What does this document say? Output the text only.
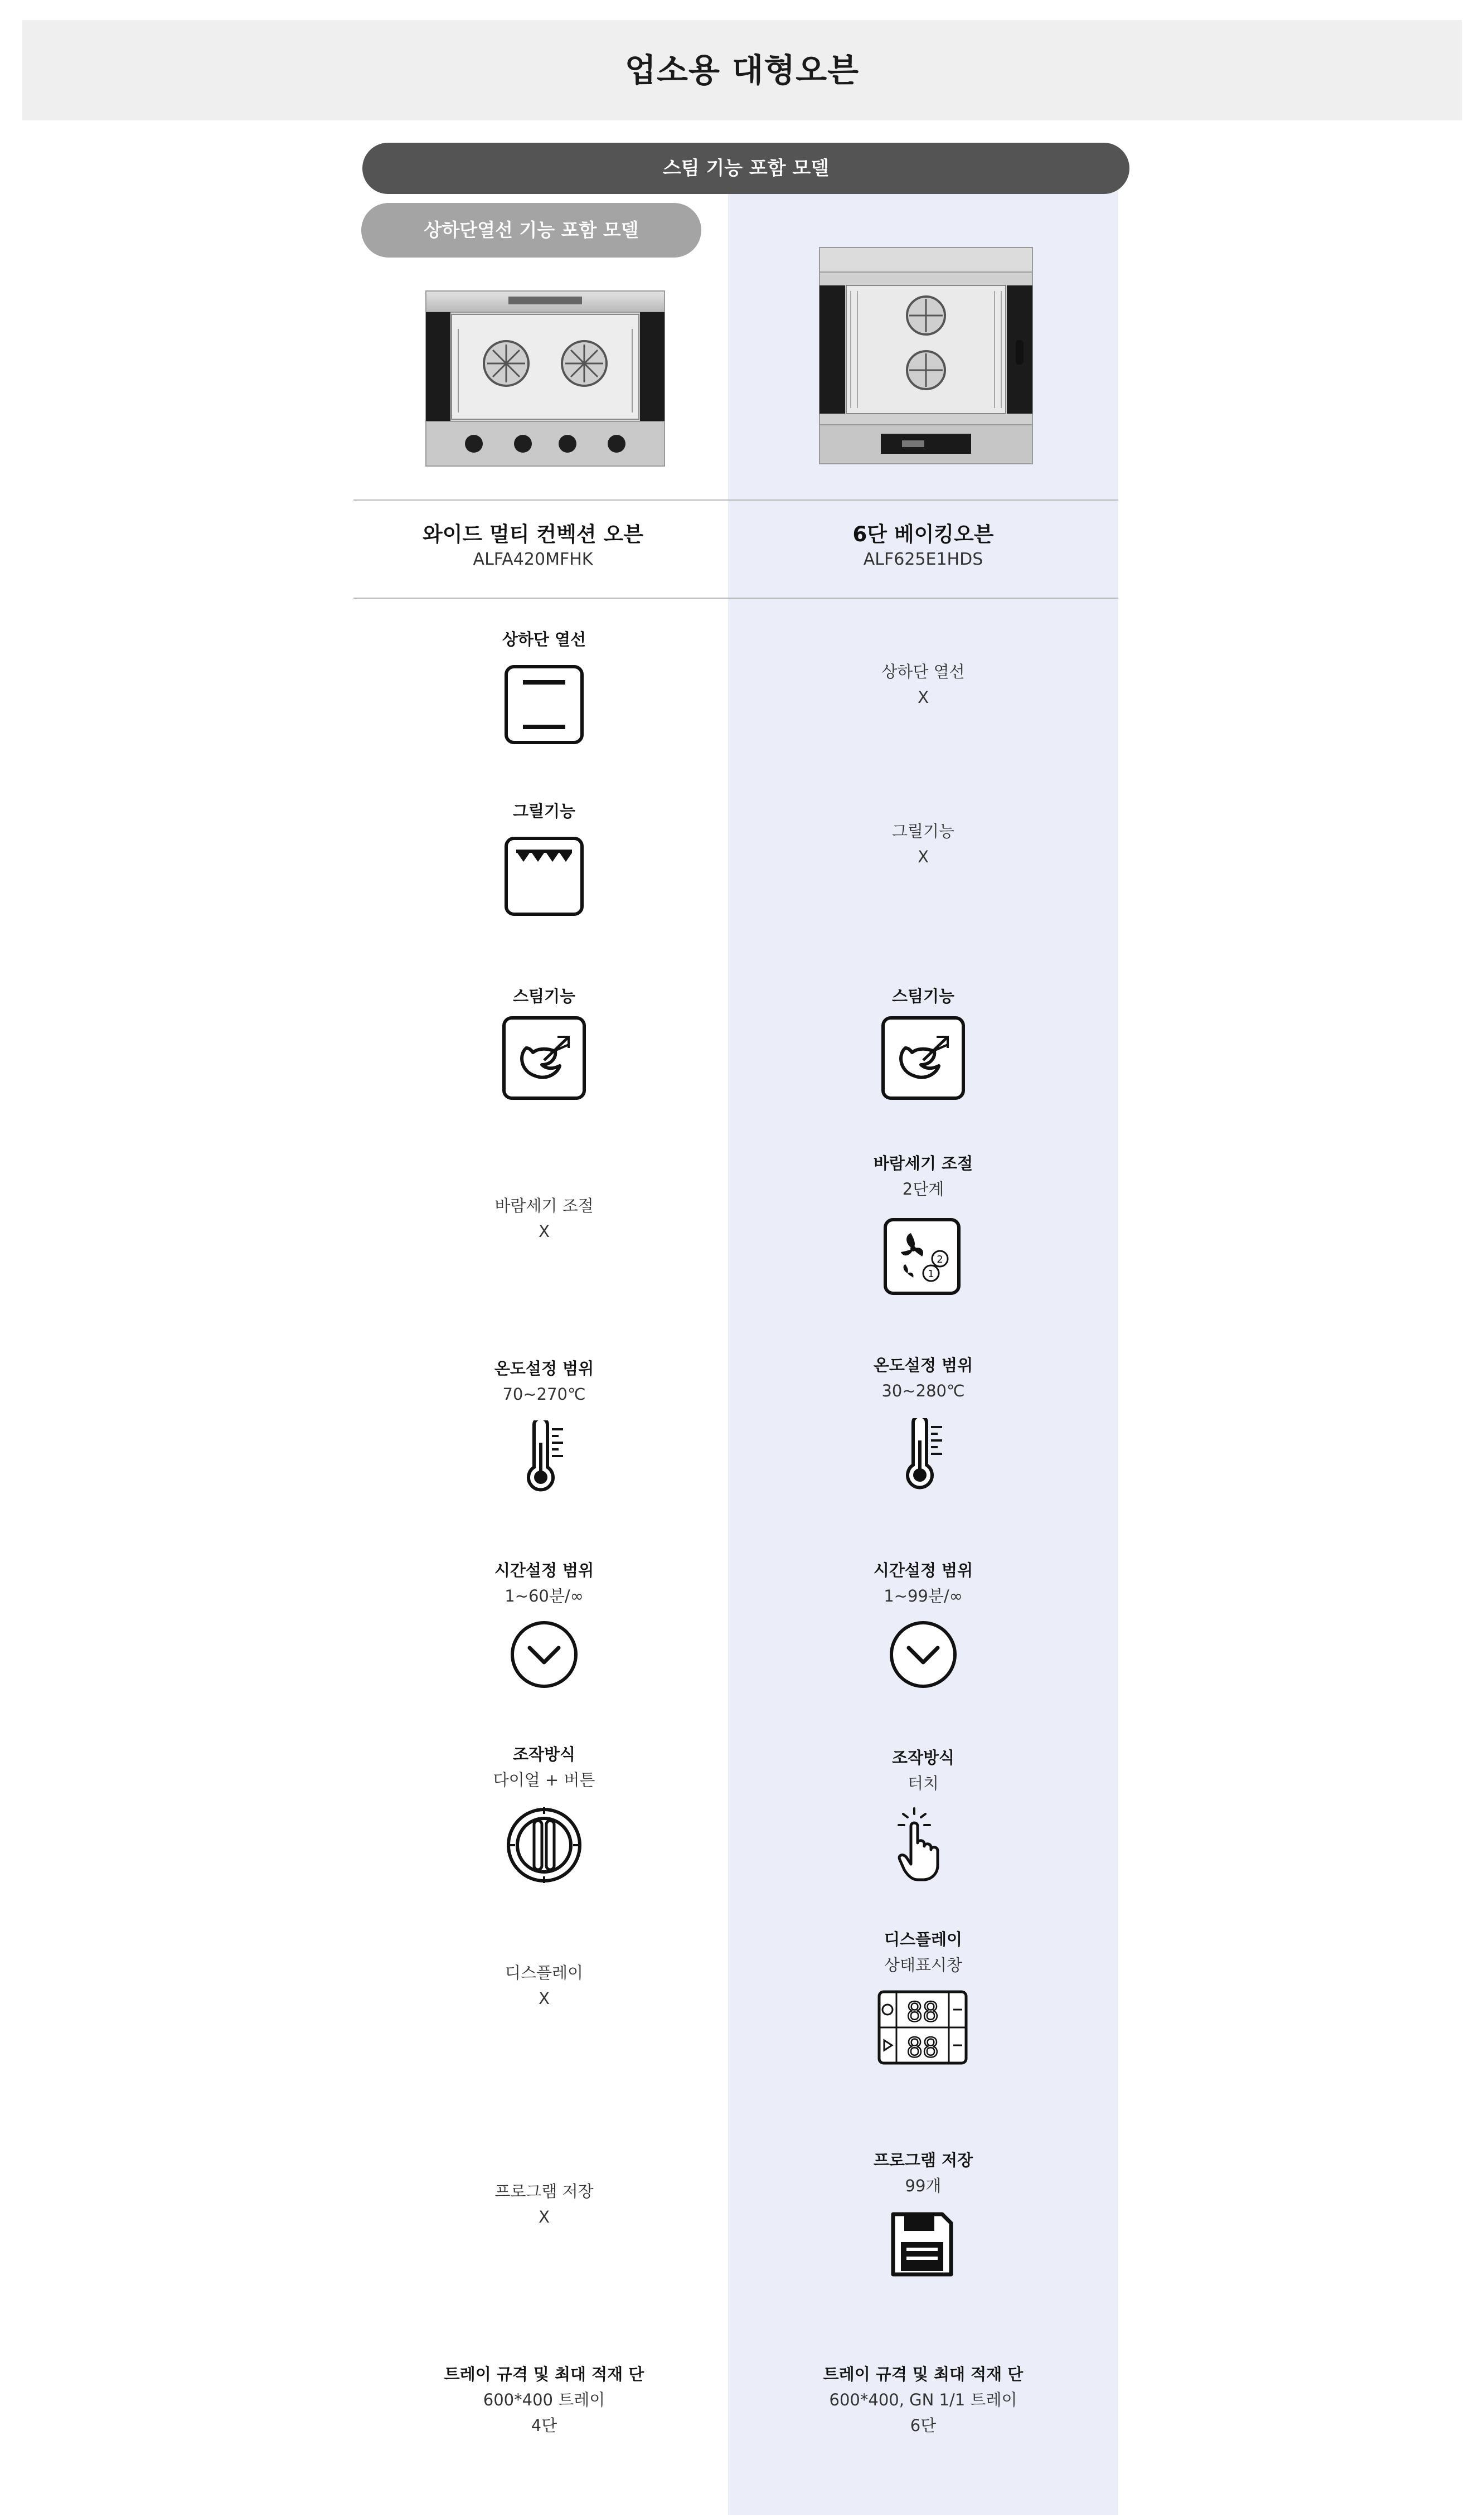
업소용 대형오븐
스팀 기능 포함 모델
상하단열선 기능 포함 모델
와이드 멀티 컨벡션 오븐
ALFA420MFHK
6단 베이킹오븐
ALF625E1HDS
상하단 열선
상하단 열선
X
그릴기능
그릴기능
X
스팀기능	스팀기능
바람세기 조절
X
바람세기 조절
2단계
2
1
온도설정 범위
70~270℃
온도설정 범위
30~280℃
시간설정 범위
1~60분/∞
시간설정 범위
1~99분/∞
조작방식
다이얼 + 버튼
조작방식
터치
디스플레이
X
디스플레이
상태표시창
88
88
프로그램 저장
X
프로그램 저장
99개
트레이 규격 및 최대 적재 단
600*400 트레이
4단
트레이 규격 및 최대 적재 단
600*400, GN 1/1 트레이
6단
